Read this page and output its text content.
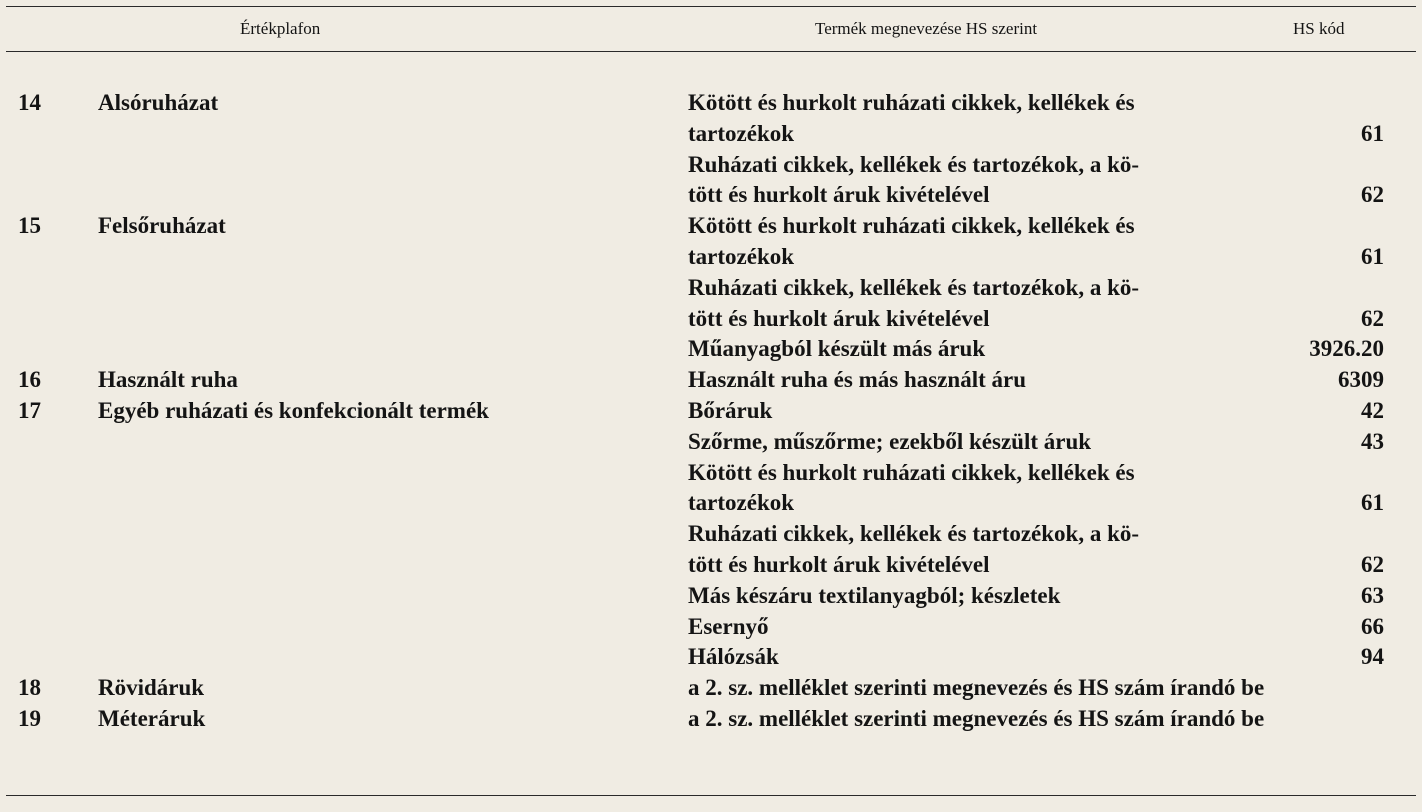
Értékplafon	Termék megnevezése HS szerint	HS kód
14 Alsóruházat	Kötött és hurkolt ruházati cikkek, kellékek és
tartozékok	61
Ruházati cikkek, kellékek és tartozékok, a kö-
tött és hurkolt áruk kivételével	62
15 Felsőruházat	Kötött és hurkolt ruházati cikkek, kellékek és
tartozékok	61
Ruházati cikkek, kellékek és tartozékok, a kö-
tött és hurkolt áruk kivételével	62
Műanyagból készült más áruk	3926.20
16 Használt ruha	Használt ruha és más használt áru	6309
17 Egyéb ruházati és konfekcionált termék	Bőráruk	42
Szőrme, műszőrme; ezekből készült áruk	43
Kötött és hurkolt ruházati cikkek, kellékek és
tartozékok	61
Ruházati cikkek, kellékek és tartozékok, a kö-
tött és hurkolt áruk kivételével	62
Más készáru textilanyagból; készletek	63
Esernyő	66
Hálózsák	94
18 Rövidáruk	a 2. sz. melléklet szerinti megnevezés és HS szám írandó be
19 Méteráruk	a 2. sz. melléklet szerinti megnevezés és HS szám írandó be
